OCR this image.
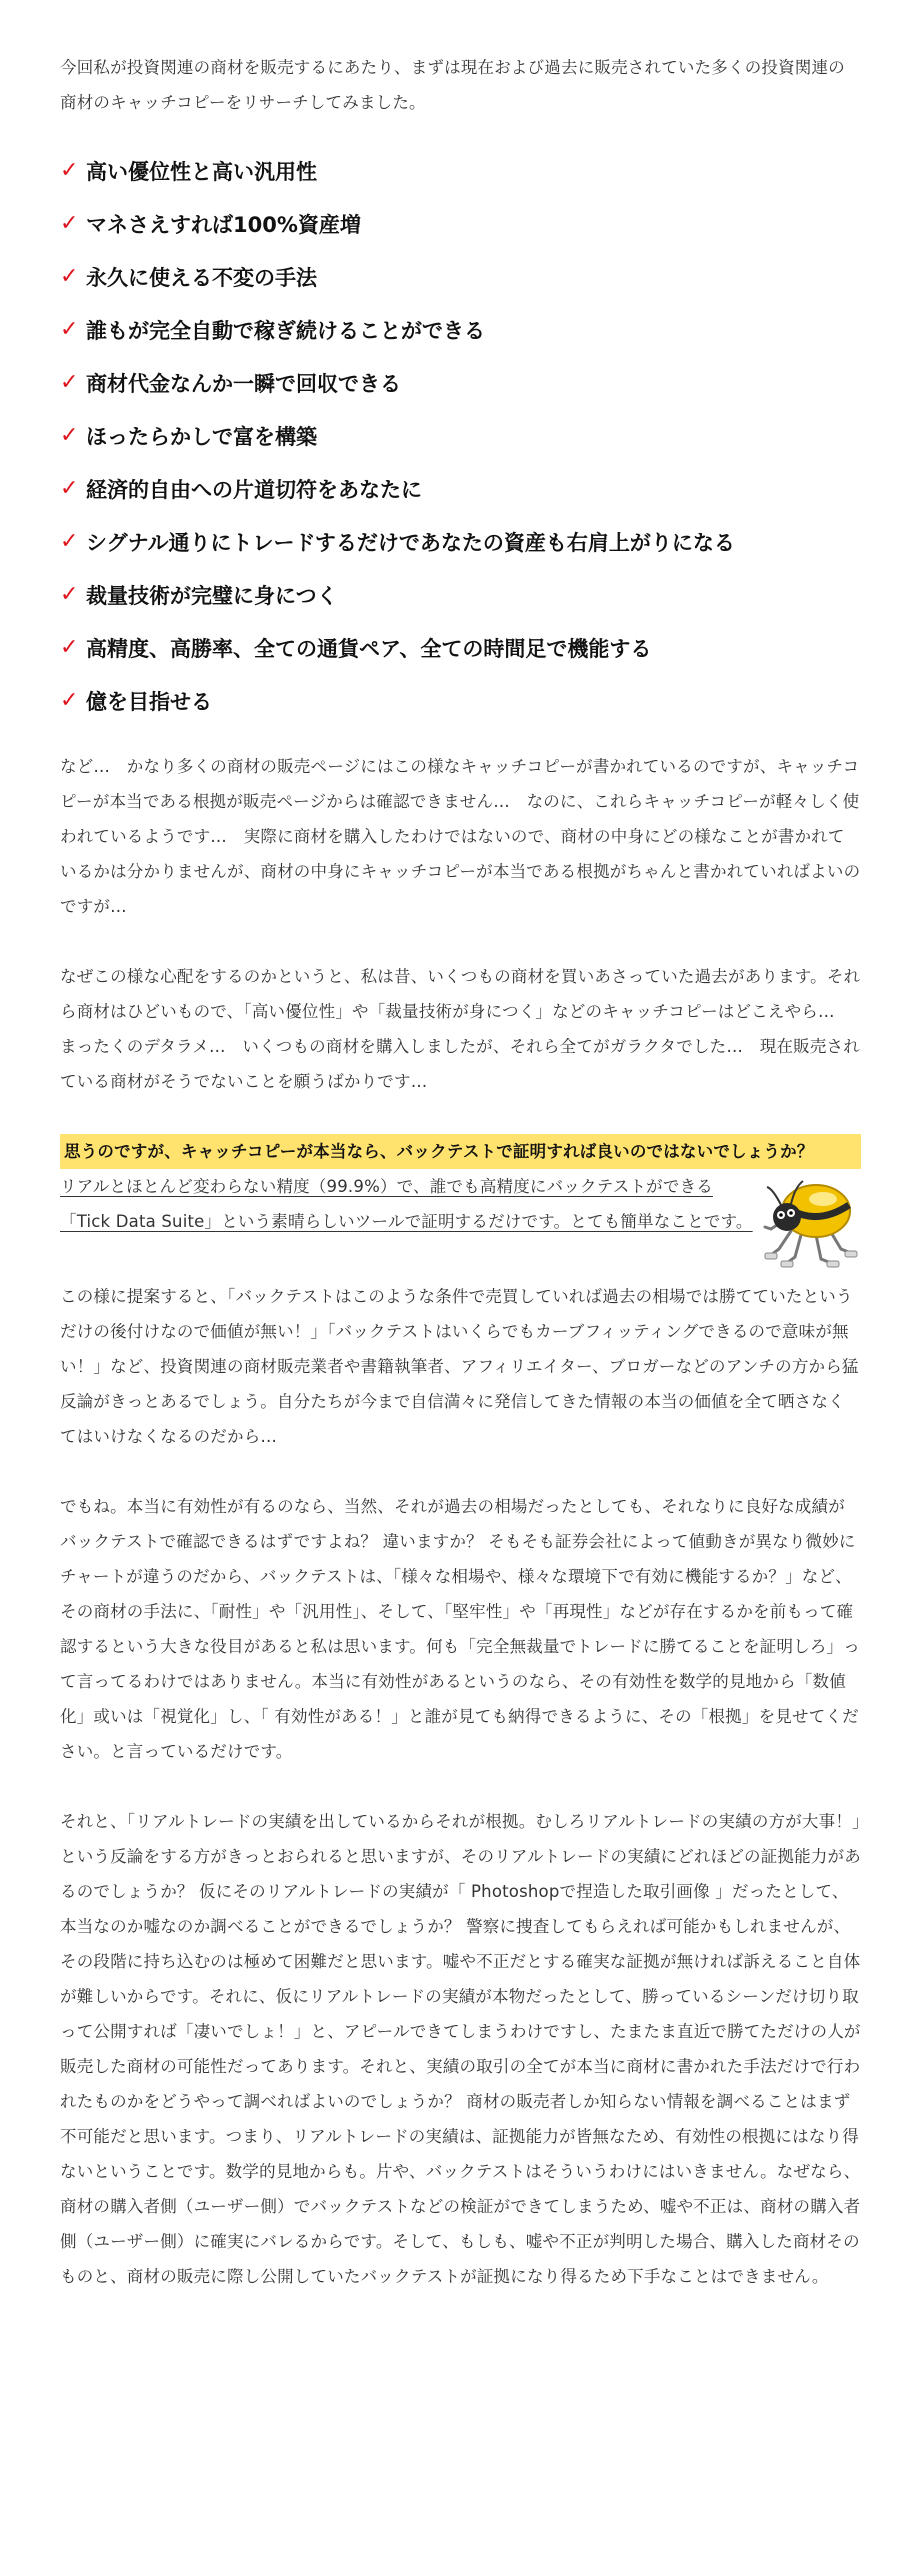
今回私が投資関連の商材を販売するにあたり、まずは現在および過去に販売されていた多くの投資関連の商材のキャッチコピーをリサーチしてみました。

✓ 高い優位性と高い汎用性
✓ マネさえすれば100%資産増
✓ 永久に使える不変の手法
✓ 誰もが完全自動で稼ぎ続けることができる
✓ 商材代金なんか一瞬で回収できる
✓ ほったらかしで富を構築
✓ 経済的自由への片道切符をあなたに
✓ シグナル通りにトレードするだけであなたの資産も右肩上がりになる
✓ 裁量技術が完璧に身につく
✓ 高精度、高勝率、全ての通貨ペア、全ての時間足で機能する
✓ 億を目指せる

など…　かなり多くの商材の販売ページにはこの様なキャッチコピーが書かれているのですが、キャッチコピーが本当である根拠が販売ページからは確認できません…　なのに、これらキャッチコピーが軽々しく使われているようです…　実際に商材を購入したわけではないので、商材の中身にどの様なことが書かれているかは分かりませんが、商材の中身にキャッチコピーが本当である根拠がちゃんと書かれていればよいのですが…

なぜこの様な心配をするのかというと、私は昔、いくつもの商材を買いあさっていた過去があります。それら商材はひどいもので、「高い優位性」や「裁量技術が身につく」などのキャッチコピーはどこえやら…　まったくのデタラメ…　いくつもの商材を購入しましたが、それら全てがガラクタでした…　現在販売されている商材がそうでないことを願うばかりです…

思うのですが、キャッチコピーが本当なら、バックテストで証明すれば良いのではないでしょうか？

リアルとほとんど変わらない精度（99.9%）で、誰でも高精度にバックテストができる「Tick Data Suite」という素晴らしいツールで証明するだけです。とても簡単なことです。

この様に提案すると、「バックテストはこのような条件で売買していれば過去の相場では勝てていたというだけの後付けなので価値が無い！」「バックテストはいくらでもカーブフィッティングできるので意味が無い！」など、投資関連の商材販売業者や書籍執筆者、アフィリエイター、ブロガーなどのアンチの方から猛反論がきっとあるでしょう。自分たちが今まで自信満々に発信してきた情報の本当の価値を全て晒さなくてはいけなくなるのだから…

でもね。本当に有効性が有るのなら、当然、それが過去の相場だったとしても、それなりに良好な成績がバックテストで確認できるはずですよね？ 違いますか？ そもそも証券会社によって値動きが異なり微妙にチャートが違うのだから、バックテストは、「様々な相場や、様々な環境下で有効に機能するか？」など、その商材の手法に、「耐性」や「汎用性」、そして、「堅牢性」や「再現性」などが存在するかを前もって確認するという大きな役目があると私は思います。何も「完全無裁量でトレードに勝てることを証明しろ」って言ってるわけではありません。本当に有効性があるというのなら、その有効性を数学的見地から「数値化」或いは「視覚化」し、「 有効性がある！」と誰が見ても納得できるように、その「根拠」を見せてください。と言っているだけです。

それと、「リアルトレードの実績を出しているからそれが根拠。むしろリアルトレードの実績の方が大事！」という反論をする方がきっとおられると思いますが、そのリアルトレードの実績にどれほどの証拠能力があるのでしょうか？ 仮にそのリアルトレードの実績が「 Photoshopで捏造した取引画像 」だったとして、本当なのか嘘なのか調べることができるでしょうか？ 警察に捜査してもらえれば可能かもしれませんが、その段階に持ち込むのは極めて困難だと思います。嘘や不正だとする確実な証拠が無ければ訴えること自体が難しいからです。それに、仮にリアルトレードの実績が本物だったとして、勝っているシーンだけ切り取って公開すれば「凄いでしょ！」と、アピールできてしまうわけですし、たまたま直近で勝てただけの人が販売した商材の可能性だってあります。それと、実績の取引の全てが本当に商材に書かれた手法だけで行われたものかをどうやって調べればよいのでしょうか？ 商材の販売者しか知らない情報を調べることはまず不可能だと思います。つまり、リアルトレードの実績は、証拠能力が皆無なため、有効性の根拠にはなり得ないということです。数学的見地からも。片や、バックテストはそういうわけにはいきません。なぜなら、商材の購入者側（ユーザー側）でバックテストなどの検証ができてしまうため、嘘や不正は、商材の購入者側（ユーザー側）に確実にバレるからです。そして、もしも、嘘や不正が判明した場合、購入した商材そのものと、商材の販売に際し公開していたバックテストが証拠になり得るため下手なことはできません。
